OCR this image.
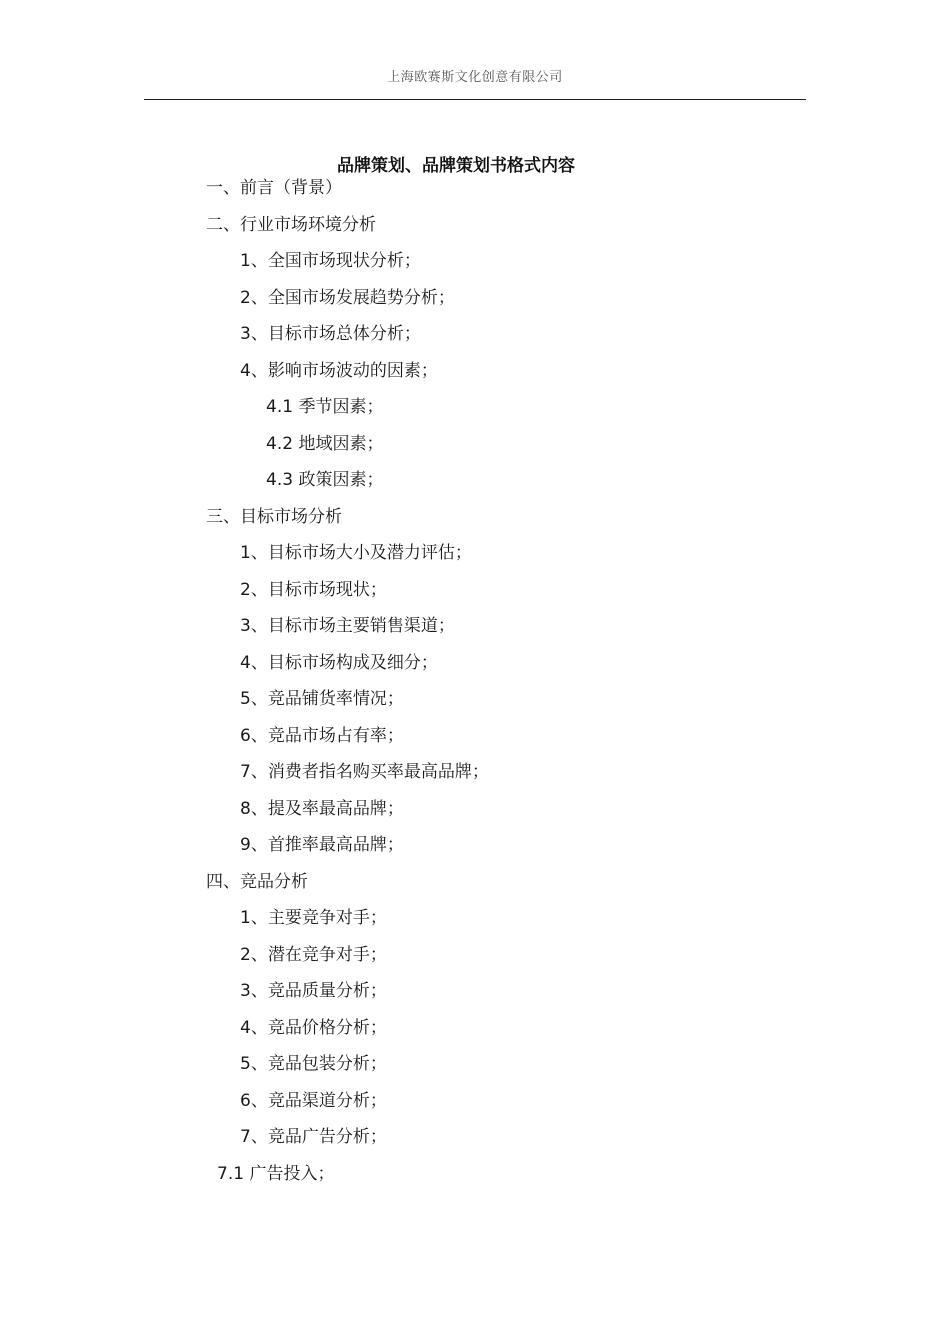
上海欧赛斯文化创意有限公司
品牌策划、品牌策划书格式内容
一、前言（背景）
二、行业市场环境分析
1、全国市场现状分析；
2、全国市场发展趋势分析；
3、目标市场总体分析；
4、影响市场波动的因素；
4.1 季节因素；
4.2 地域因素；
4.3 政策因素；
三、目标市场分析
1、目标市场大小及潜力评估；
2、目标市场现状；
3、目标市场主要销售渠道；
4、目标市场构成及细分；
5、竞品铺货率情况；
6、竞品市场占有率；
7、消费者指名购买率最高品牌；
8、提及率最高品牌；
9、首推率最高品牌；
四、竞品分析
1、主要竞争对手；
2、潜在竞争对手；
3、竞品质量分析；
4、竞品价格分析；
5、竞品包装分析；
6、竞品渠道分析；
7、竞品广告分析；
7.1 广告投入；
